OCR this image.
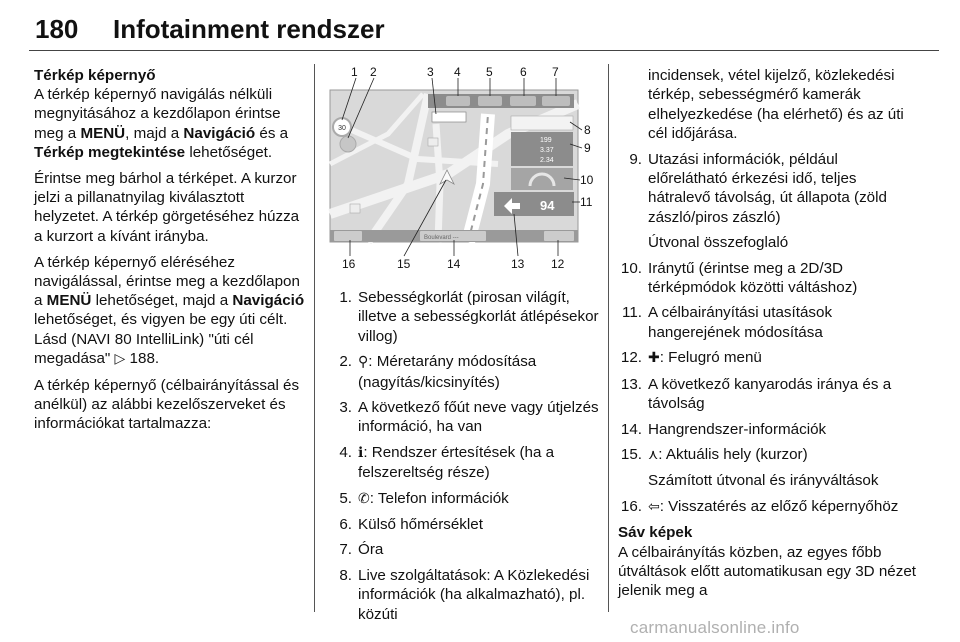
180 Infotainment rendszer
Térkép képernyő

A térkép képernyő navigálás nélküli megnyitásához a kezdőlapon érintse meg a MENÜ, majd a Navigáció és a Térkép megtekintése lehetőséget.

Érintse meg bárhol a térképet. A kurzor jelzi a pillanatnyilag kiválasztott helyzetet. A térkép görgetéséhez húzza a kurzort a kívánt irányba.

A térkép képernyő eléréséhez navigálással, érintse meg a kezdőlapon a MENÜ lehetőséget, majd a Navigáció lehetőséget, és vigyen be egy úti célt. Lásd (NAVI 80 IntelliLink) "úti cél megadása" ▷ 188.

A térkép képernyő (célbairányítással és anélkül) az alábbi kezelőszerveket és információkat tartalmazza:

30
199
3.37
2.34
94
Boulevard ---
1 2	3 4 5 6 7
8
9
10
11
16	15	14	13 12
1. Sebességkorlát (pirosan világít, illetve a sebességkorlát átlépésekor villog)
2. ⚲: Méretarány módosítása (nagyítás/kicsinyítés)
3. A következő főút neve vagy útjelzés információ, ha van
4. ℹ: Rendszer értesítések (ha a felszereltség része)
5. ✆: Telefon információk
6. Külső hőmérséklet
7. Óra
8. Live szolgáltatások: A Közlekedési információk (ha alkalmazható), pl. közúti
incidensek, vétel kijelző, közlekedési térkép, sebességmérő kamerák elhelyezkedése (ha elérhető) és az úti cél időjárása.
9. Utazási információk, például előrelátható érkezési idő, teljes hátralevő távolság, út állapota (zöld zászló/piros zászló)
Útvonal összefoglaló
10. Iránytű (érintse meg a 2D/3D térképmódok közötti váltáshoz)
11. A célbairányítási utasítások hangerejének módosítása
12. ✚: Felugró menü
13. A következő kanyarodás iránya és a távolság
14. Hangrendszer-információk
15. ⋏: Aktuális hely (kurzor)
Számított útvonal és irányváltások
16. ⇦: Visszatérés az előző képernyőhöz
Sáv képek
A célbairányítás közben, az egyes főbb útváltások előtt automatikusan egy 3D nézet jelenik meg a
carmanualsonline.info
